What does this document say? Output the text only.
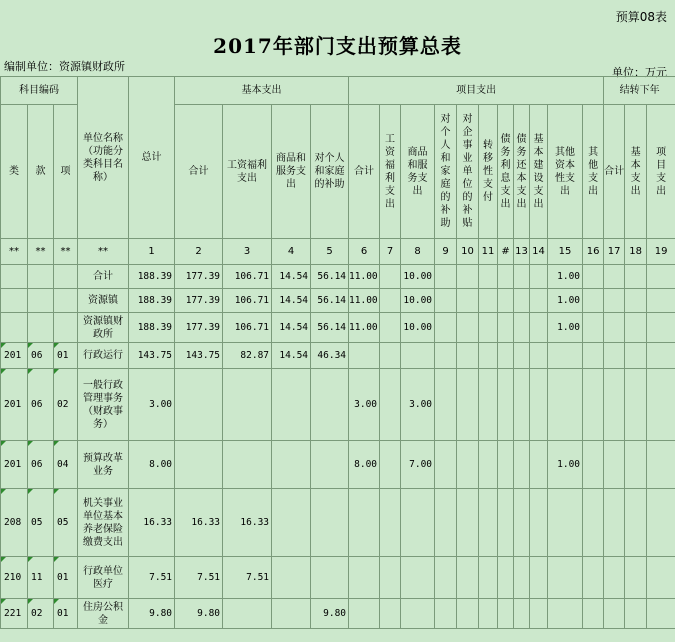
预算08表
2017年部门支出预算总表
编制单位：资源镇财政所	单位：万元
科目编码			单位名称（功能分类科目名称）	总计	基本支出				项目支出											结转下年		
类	款	项			合计	工资福利支出	商品和服务支出	对个人和家庭的补助	合计	工资福利支出	商品和服务支出	对个人和家庭的补助	对企事业单位的补贴	转移性支付	债务利息支出	债务还本支出	基本建设支出	其他资本性支出	其他支出	合计	基本支出	项目支出
**	**	**	**	1	2	3	4	5	6	7	8	9	10	11	#	13	14	15	16	17	18	19
			合计	188.39	177.39	106.71	14.54	56.14	11.00		10.00							1.00				
			资源镇	188.39	177.39	106.71	14.54	56.14	11.00		10.00							1.00				
			资源镇财政所	188.39	177.39	106.71	14.54	56.14	11.00		10.00							1.00				
201	06	01	行政运行	143.75	143.75	82.87	14.54	46.34														
201	06	02	一般行政管理事务（财政事务）	3.00					3.00		3.00											
201	06	04	预算改革业务	8.00					8.00		7.00							1.00				
208	05	05	机关事业单位基本养老保险缴费支出	16.33	16.33	16.33																
210	11	01	行政单位医疗	7.51	7.51	7.51																
221	02	01	住房公积金	9.80	9.80			9.80														
